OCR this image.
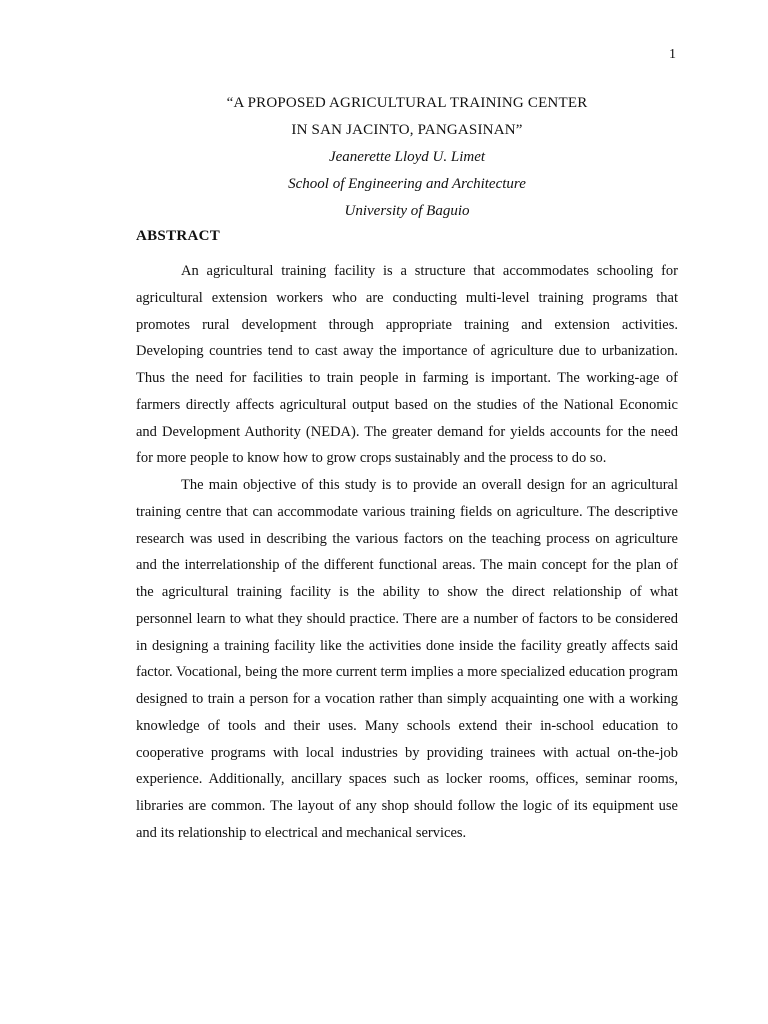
1
“A PROPOSED AGRICULTURAL TRAINING CENTER
IN SAN JACINTO, PANGASINAN”
Jeanerette Lloyd U. Limet
School of Engineering and Architecture
University of Baguio
ABSTRACT

An agricultural training facility is a structure that accommodates schooling for agricultural extension workers who are conducting multi-level training programs that promotes rural development through appropriate training and extension activities. Developing countries tend to cast away the importance of agriculture due to urbanization. Thus the need for facilities to train people in farming is important. The working-age of farmers directly affects agricultural output based on the studies of the National Economic and Development Authority (NEDA). The greater demand for yields accounts for the need for more people to know how to grow crops sustainably and the process to do so.

The main objective of this study is to provide an overall design for an agricultural training centre that can accommodate various training fields on agriculture. The descriptive research was used in describing the various factors on the teaching process on agriculture and the interrelationship of the different functional areas. The main concept for the plan of the agricultural training facility is the ability to show the direct relationship of what personnel learn to what they should practice. There are a number of factors to be considered in designing a training facility like the activities done inside the facility greatly affects said factor. Vocational, being the more current term implies a more specialized education program designed to train a person for a vocation rather than simply acquainting one with a working knowledge of tools and their uses. Many schools extend their in-school education to cooperative programs with local industries by providing trainees with actual on-the-job experience. Additionally, ancillary spaces such as locker rooms, offices, seminar rooms, libraries are common. The layout of any shop should follow the logic of its equipment use and its relationship to electrical and mechanical services.
